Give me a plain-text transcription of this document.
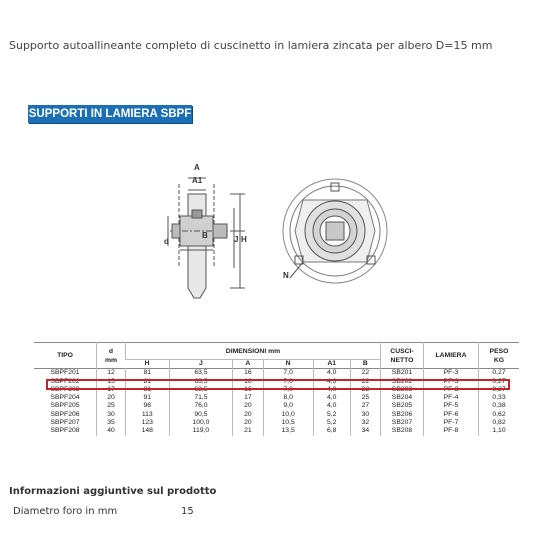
Supporto autoallineante completo di cuscinetto in lamiera zincata per albero D=15 mm
SUPPORTI IN LAMIERA SBPF
A
A1
B
d	J H
N
TIPO	d
mm	DIMENSIONI mm						CUSCI-
NETTO	LAMIERA	PESO
KG
		H	J	A	N	A1	B			
SBPF201	12	81	63,5	16	7,0	4,0	22	SB201	PF-3	0,27
SBPF202	15	81	63,5	16	7,0	4,0	22	SB202	PF-3	0,27
SBPF203	17	81	63,5	16	7,0	4,0	22	SB203	PF-3	0,27
SBPF204	20	91	71,5	17	8,0	4,0	25	SB204	PF-4	0,33
SBPF205	25	96	76,0	20	9,0	4,0	27	SB205	PF-5	0,38
SBPF206	30	113	90,5	20	10,0	5,2	30	SB206	PF-6	0,62
SBPF207	35	123	100,0	20	10,5	5,2	32	SB207	PF-7	0,82
SBPF208	40	148	119,0	21	13,5	6,8	34	SB208	PF-8	1,10
Informazioni aggiuntive sul prodotto
Diametro foro in mm	15
